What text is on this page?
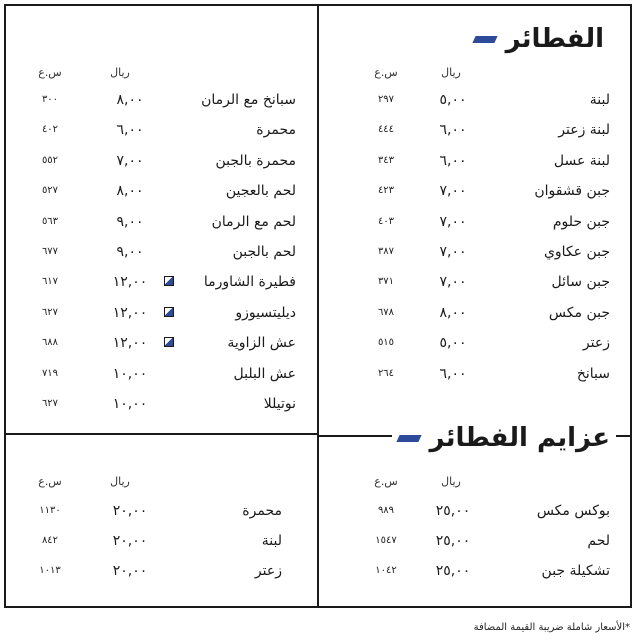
الفطائر
ريال
س.ع
ريال
س.ع
لبنة
٥,٠٠
٢٩٧
لبنة زعتر
٦,٠٠
٤٤٤
لبنة عسل
٦,٠٠
٣٤٣
جبن قشقوان
٧,٠٠
٤٢٣
جبن حلوم
٧,٠٠
٤٠٣
جبن عكاوي
٧,٠٠
٣٨٧
جبن سائل
٧,٠٠
٣٧١
جبن مكس
٨,٠٠
٦٧٨
زعتر
٥,٠٠
٥١٥
سبانخ
٦,٠٠
٢٦٤
سبانخ مع الرمان
٨,٠٠
٣٠٠
محمرة
٦,٠٠
٤٠٢
محمرة بالجبن
٧,٠٠
٥٥٢
لحم بالعجين
٨,٠٠
٥٢٧
لحم مع الرمان
٩,٠٠
٥٦٣
لحم بالجبن
٩,٠٠
٦٧٧
فطيرة الشاورما
١٢,٠٠
٦١٧
ديليتسيوزو
١٢,٠٠
٦٢٧
عش الزاوية
١٢,٠٠
٦٨٨
عش البلبل
١٠,٠٠
٧١٩
نوتيللا
١٠,٠٠
٦٢٧
عزايم الفطائر
ريال
س.ع
ريال
س.ع
بوكس مكس
٢٥,٠٠
٩٨٩
لحم
٢٥,٠٠
١٥٤٧
تشكيلة جبن
٢٥,٠٠
١٠٤٢
محمرة
٢٠,٠٠
١١٣٠
لبنة
٢٠,٠٠
٨٤٢
زعتر
٢٠,٠٠
١٠١٣
*الأسعار شاملة ضريبة القيمة المضافة
